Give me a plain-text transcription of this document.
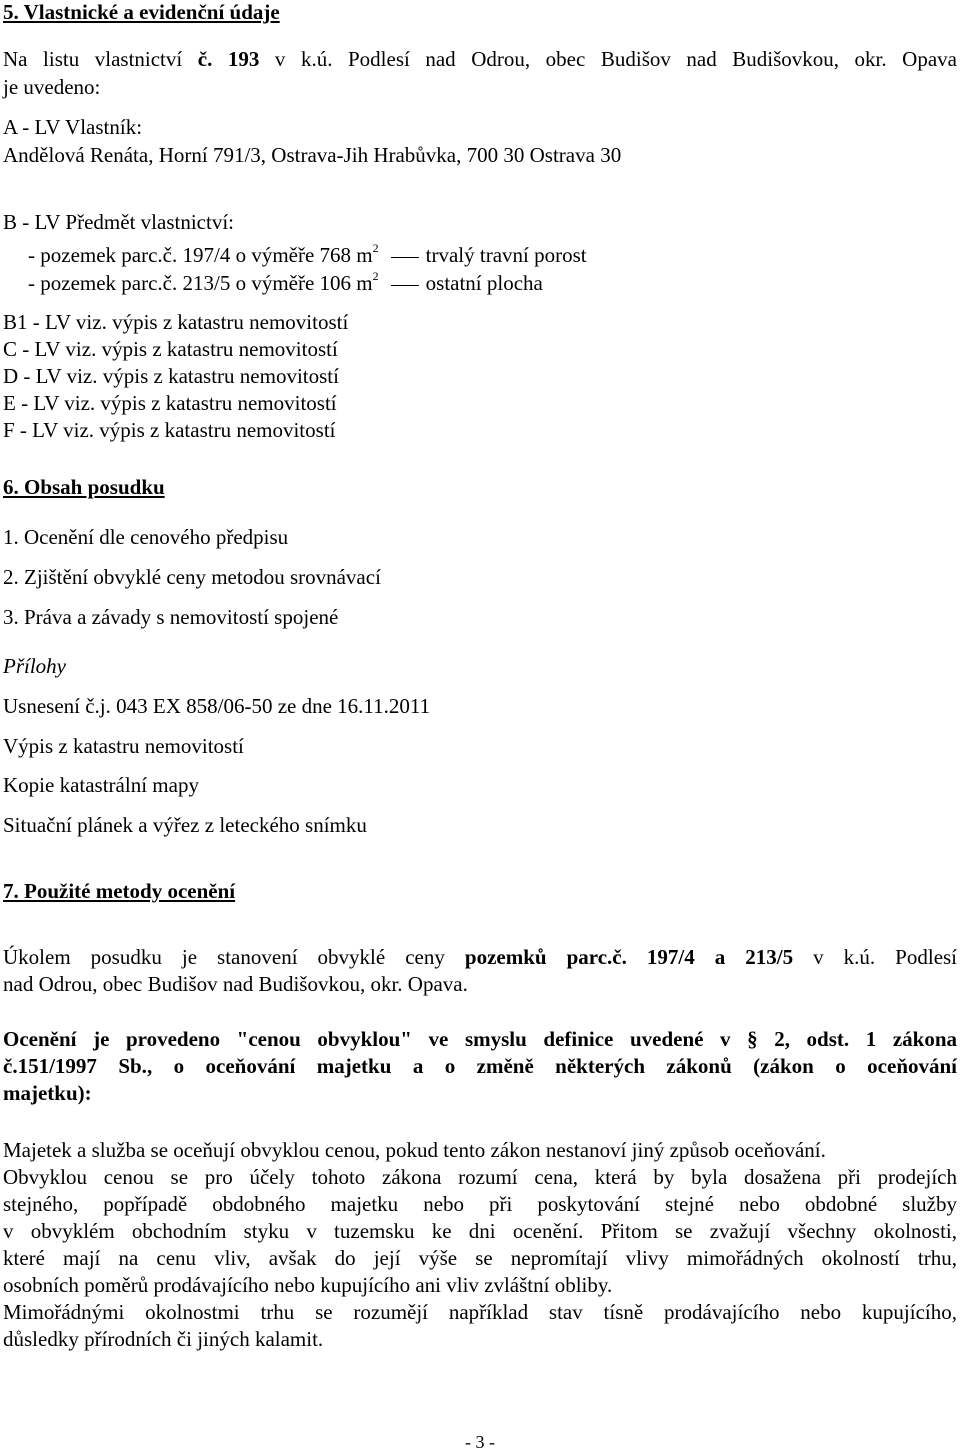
5. Vlastnické a evidenční údaje
Na listu vlastnictví č. 193 v k.ú. Podlesí nad Odrou, obec Budišov nad Budišovkou, okr. Opava
je uvedeno:
A - LV Vlastník:
Andělová Renáta, Horní 791/3, Ostrava-Jih Hrabůvka, 700 30 Ostrava 30
B - LV Předmět vlastnictví:
- pozemek parc.č. 197/4 o výměře 768 $m^2$ trvalý travní porost
- pozemek parc.č. 213/5 o výměře 106 $m^2$ ostatní plocha
B1 - LV viz. výpis z katastru nemovitostí
C - LV viz. výpis z katastru nemovitostí
D - LV viz. výpis z katastru nemovitostí
E - LV viz. výpis z katastru nemovitostí
F - LV viz. výpis z katastru nemovitostí
6. Obsah posudku
1. Ocenění dle cenového předpisu
2. Zjištění obvyklé ceny metodou srovnávací
3. Práva a závady s nemovitostí spojené
Přílohy
Usnesení č.j. 043 EX 858/06-50 ze dne 16.11.2011
Výpis z katastru nemovitostí
Kopie katastrální mapy
Situační plánek a výřez z leteckého snímku
7. Použité metody ocenění
Úkolem posudku je stanovení obvyklé ceny pozemků parc.č. 197/4 a 213/5 v k.ú. Podlesí
nad Odrou, obec Budišov nad Budišovkou, okr. Opava.
Ocenění je provedeno "cenou obvyklou" ve smyslu definice uvedené v § 2, odst. 1 zákona
č.151/1997 Sb., o oceňování majetku a o změně některých zákonů (zákon o oceňování
majetku):
Majetek a služba se oceňují obvyklou cenou, pokud tento zákon nestanoví jiný způsob oceňování.
Obvyklou cenou se pro účely tohoto zákona rozumí cena, která by byla dosažena při prodejích
stejného, popřípadě obdobného majetku nebo při poskytování stejné nebo obdobné služby
v obvyklém obchodním styku v tuzemsku ke dni ocenění. Přitom se zvažují všechny okolnosti,
které mají na cenu vliv, avšak do její výše se nepromítají vlivy mimořádných okolností trhu,
osobních poměrů prodávajícího nebo kupujícího ani vliv zvláštní obliby.
Mimořádnými okolnostmi trhu se rozumějí například stav tísně prodávajícího nebo kupujícího,
důsledky přírodních či jiných kalamit.
- 3 -
